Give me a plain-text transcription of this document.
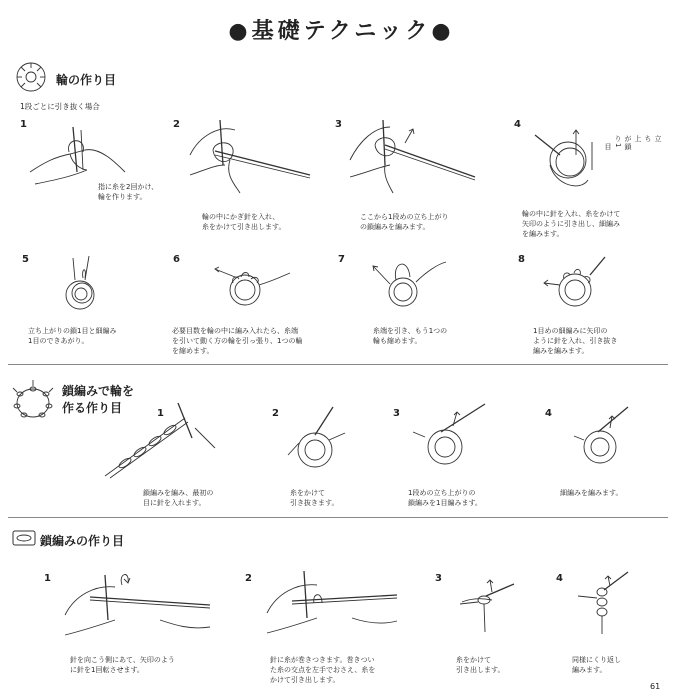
●基礎テクニック●
輪の作り目
1段ごとに引き抜く場合
1
指に糸を2回かけ、
輪を作ります。
2
輪の中にかぎ針を入れ、
糸をかけて引き出します。
3
ここから1段めの立ち上がり
の鎖編みを編みます。
4
立ち上がり
鎖1目
輪の中に針を入れ、糸をかけて
矢印のように引き出し、細編み
を編みます。
5
立ち上がりの鎖1目と細編み
1目のできあがり。
6
必要目数を輪の中に編み入れたら、糸端
を引いて動く方の輪を引っ張り、1つの輪
を縮めます。
7
糸端を引き、もう1つの
輪も縮めます。
8
1目めの細編みに矢印の
ように針を入れ、引き抜き
編みを編みます。
鎖編みで輪を
作る作り目	1
鎖編みを編み、最初の
目に針を入れます。
2
糸をかけて
引き抜きます。
3
1段めの立ち上がりの
鎖編みを1目編みます。
4
細編みを編みます。
鎖編みの作り目
1
針を向こう側にあて、矢印のよう
に針を1回転させます。
2
針に糸が巻きつきます。巻きつい
た糸の交点を左手でおさえ、糸を
かけて引き出します。
3
糸をかけて
引き出します。
4
同様にくり返し
編みます。
61
